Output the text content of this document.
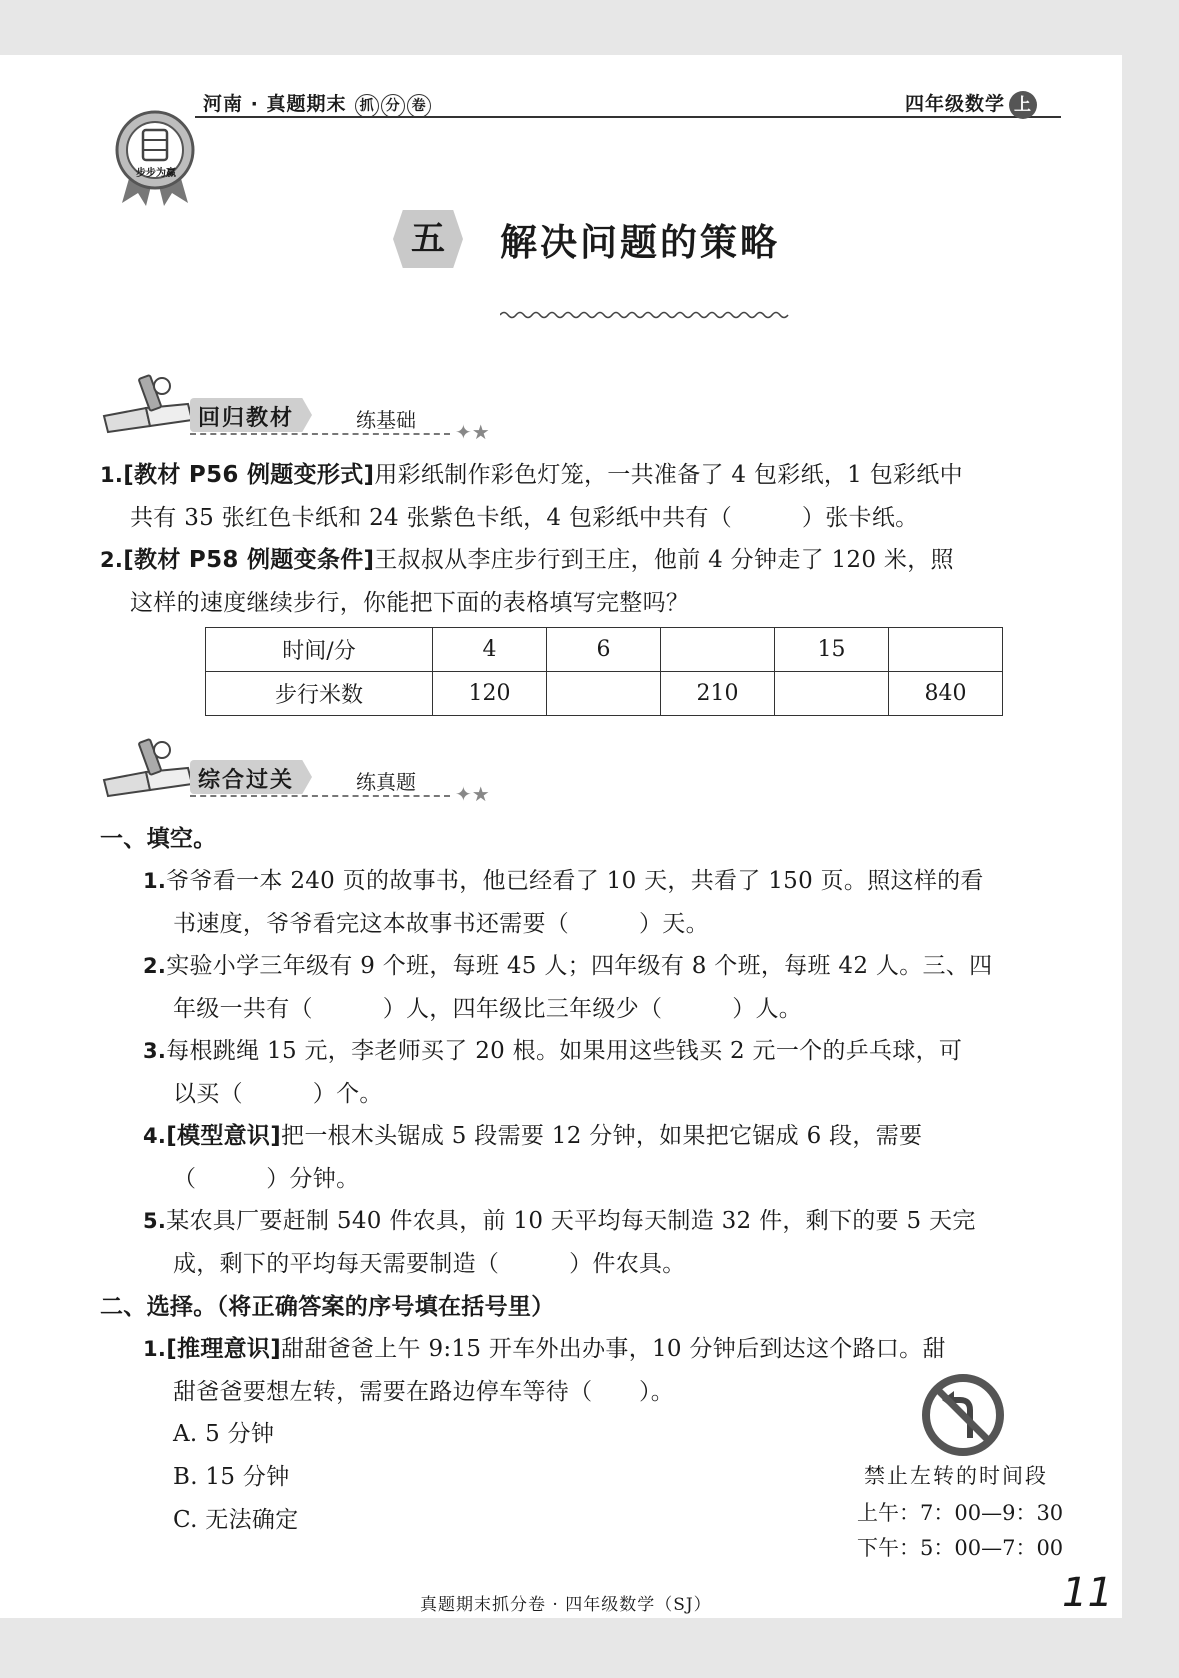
步步为赢
河南 · 真题期末 抓 分 卷	四年级数学 上
五	解决问题的策略
回归教材	练基础 ✦★
1.[教材 P56 例题变形式]用彩纸制作彩色灯笼，一共准备了 4 包彩纸，1 包彩纸中
共有 35 张红色卡纸和 24 张紫色卡纸，4 包彩纸中共有（　　　）张卡纸。
2.[教材 P58 例题变条件]王叔叔从李庄步行到王庄，他前 4 分钟走了 120 米，照
这样的速度继续步行，你能把下面的表格填写完整吗？
时间/分	4	6		15	
步行米数	120		210		840
综合过关	练真题 ✦★
一、填空。
1.爷爷看一本 240 页的故事书，他已经看了 10 天，共看了 150 页。照这样的看
书速度，爷爷看完这本故事书还需要（　　　）天。
2.实验小学三年级有 9 个班，每班 45 人；四年级有 8 个班，每班 42 人。三、四
年级一共有（　　　）人，四年级比三年级少（　　　）人。
3.每根跳绳 15 元，李老师买了 20 根。如果用这些钱买 2 元一个的乒乓球，可
以买（　　　）个。
4.[模型意识]把一根木头锯成 5 段需要 12 分钟，如果把它锯成 6 段，需要
（　　　）分钟。
5.某农具厂要赶制 540 件农具，前 10 天平均每天制造 32 件，剩下的要 5 天完
成，剩下的平均每天需要制造（　　　）件农具。
二、选择。（将正确答案的序号填在括号里）
1.[推理意识]甜甜爸爸上午 9:15 开车外出办事，10 分钟后到达这个路口。甜
甜爸爸要想左转，需要在路边停车等待（　　）。
A. 5 分钟
B. 15 分钟
C. 无法确定
禁止左转的时间段
上午：7：00—9：30
下午：5：00—7：00
真题期末抓分卷 · 四年级数学（SJ）	11
